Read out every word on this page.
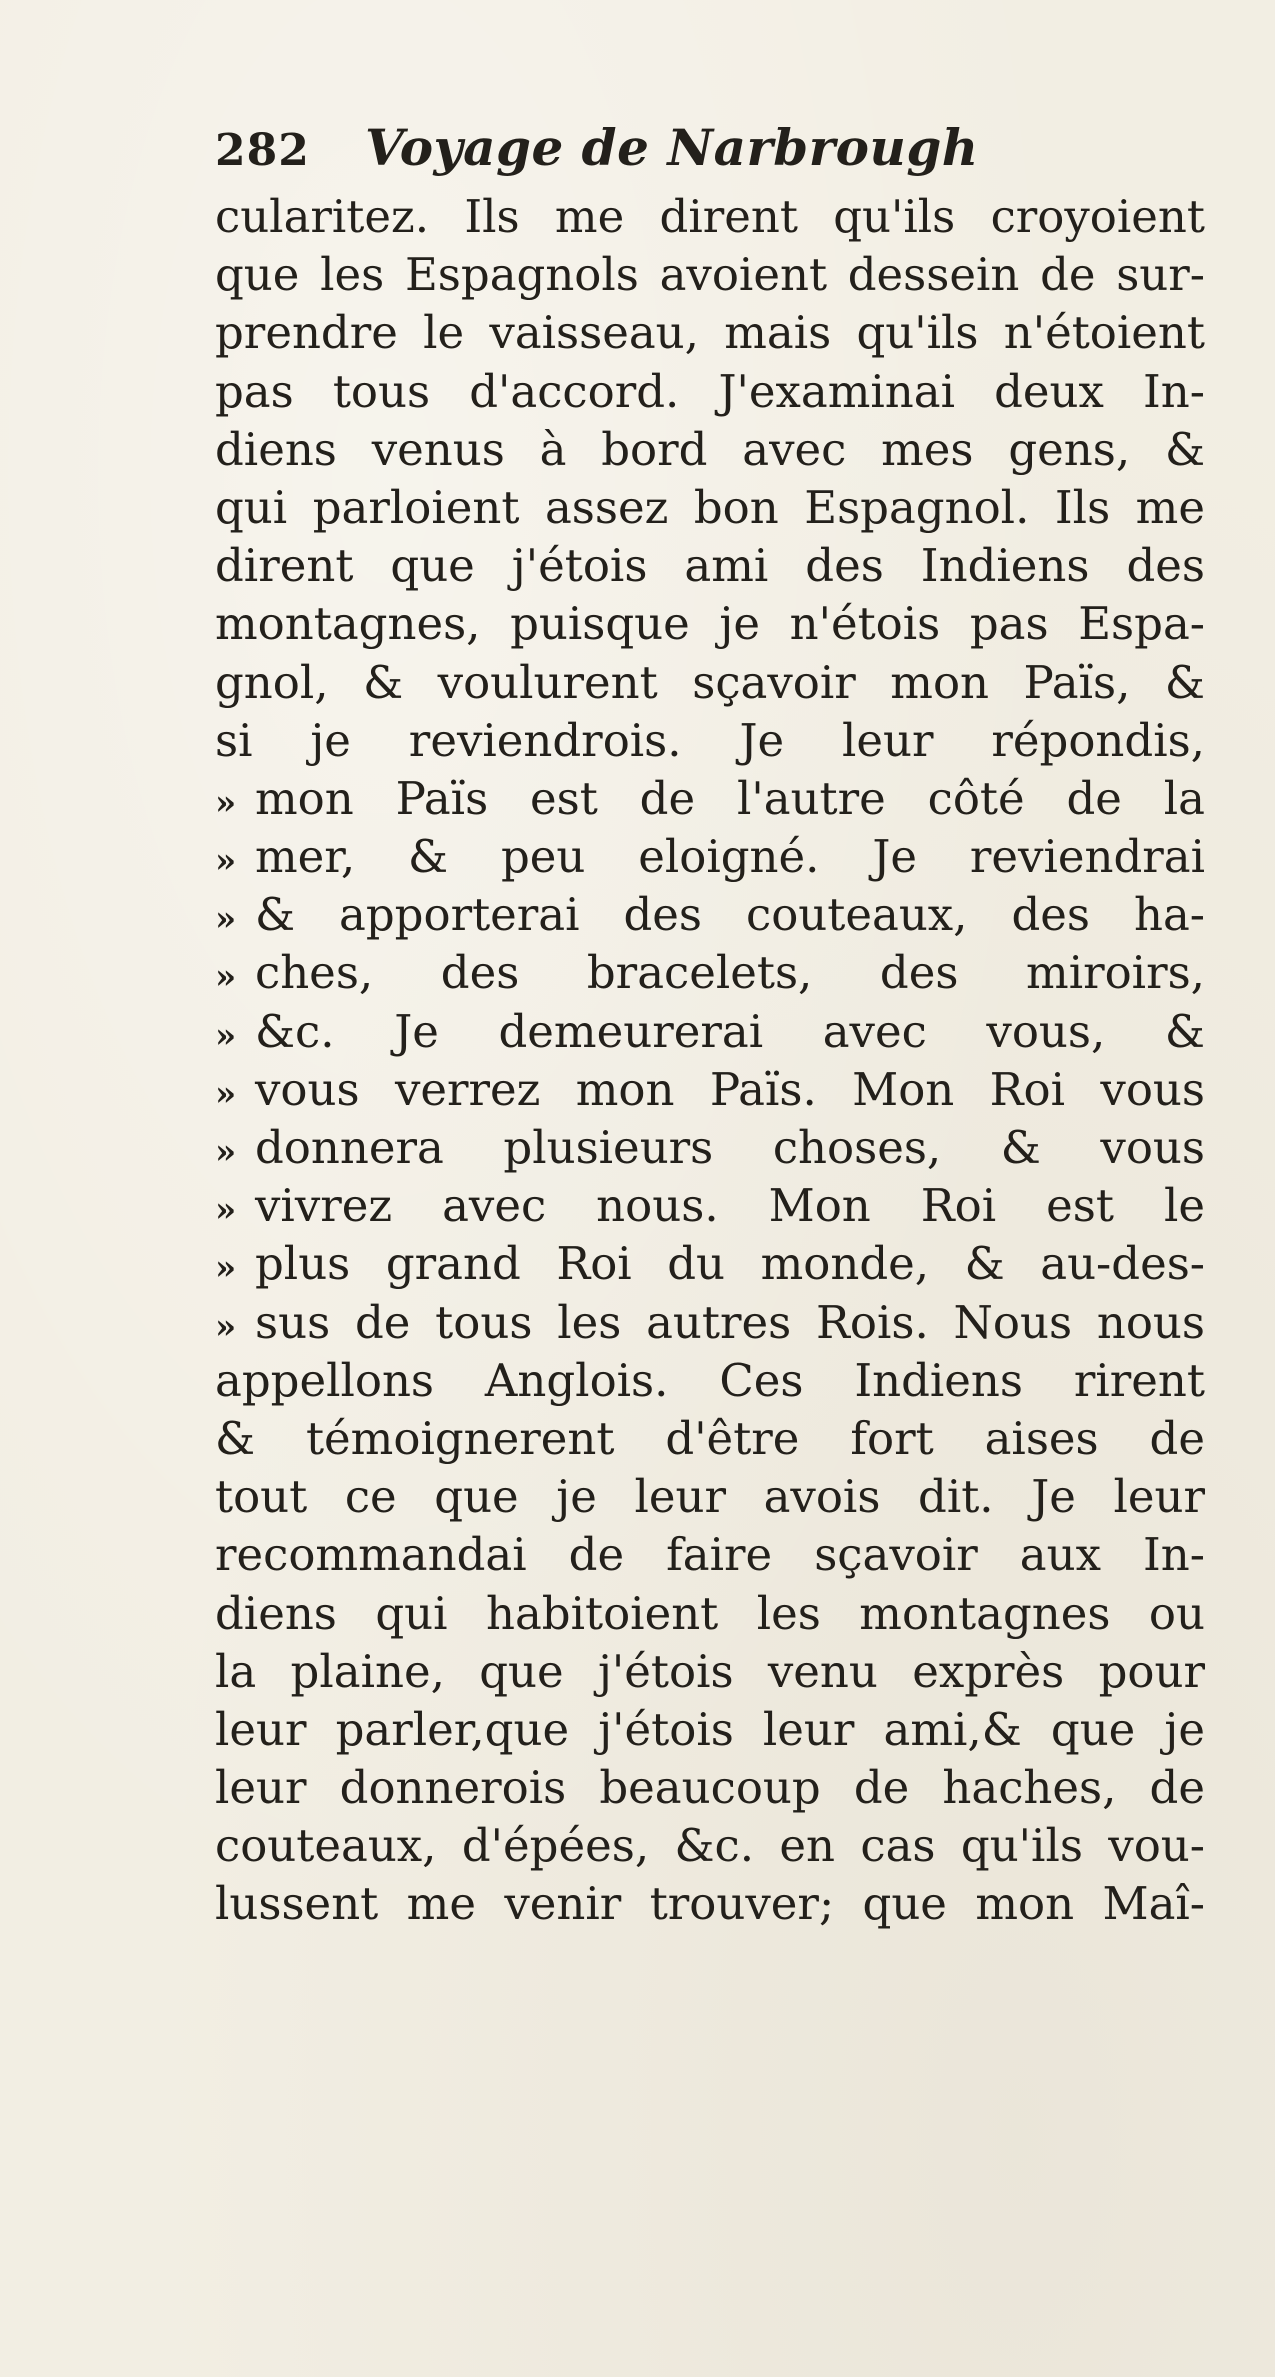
282	Voyage de Narbrough
cularitez. Ils me dirent qu'ils croyoient
que les Espagnols avoient dessein de sur-
prendre le vaisseau, mais qu'ils n'étoient
pas tous d'accord. J'examinai deux In-
diens venus à bord avec mes gens, &
qui parloient assez bon Espagnol. Ils me
dirent que j'étois ami des Indiens des
montagnes, puisque je n'étois pas Espa-
gnol, & voulurent sçavoir mon Païs, &
si je reviendrois. Je leur répondis,
» mon Païs est de l'autre côté de la
» mer, & peu eloigné. Je reviendrai
» & apporterai des couteaux, des ha-
» ches, des bracelets, des miroirs,
» &c. Je demeurerai avec vous, &
» vous verrez mon Païs. Mon Roi vous
» donnera plusieurs choses, & vous
» vivrez avec nous. Mon Roi est le
» plus grand Roi du monde, & au-des-
» sus de tous les autres Rois. Nous nous
appellons Anglois. Ces Indiens rirent
& témoignerent d'être fort aises de
tout ce que je leur avois dit. Je leur
recommandai de faire sçavoir aux In-
diens qui habitoient les montagnes ou
la plaine, que j'étois venu exprès pour
leur parler,que j'étois leur ami,& que je
leur donnerois beaucoup de haches, de
couteaux, d'épées, &c. en cas qu'ils vou-
lussent me venir trouver; que mon Maî-
